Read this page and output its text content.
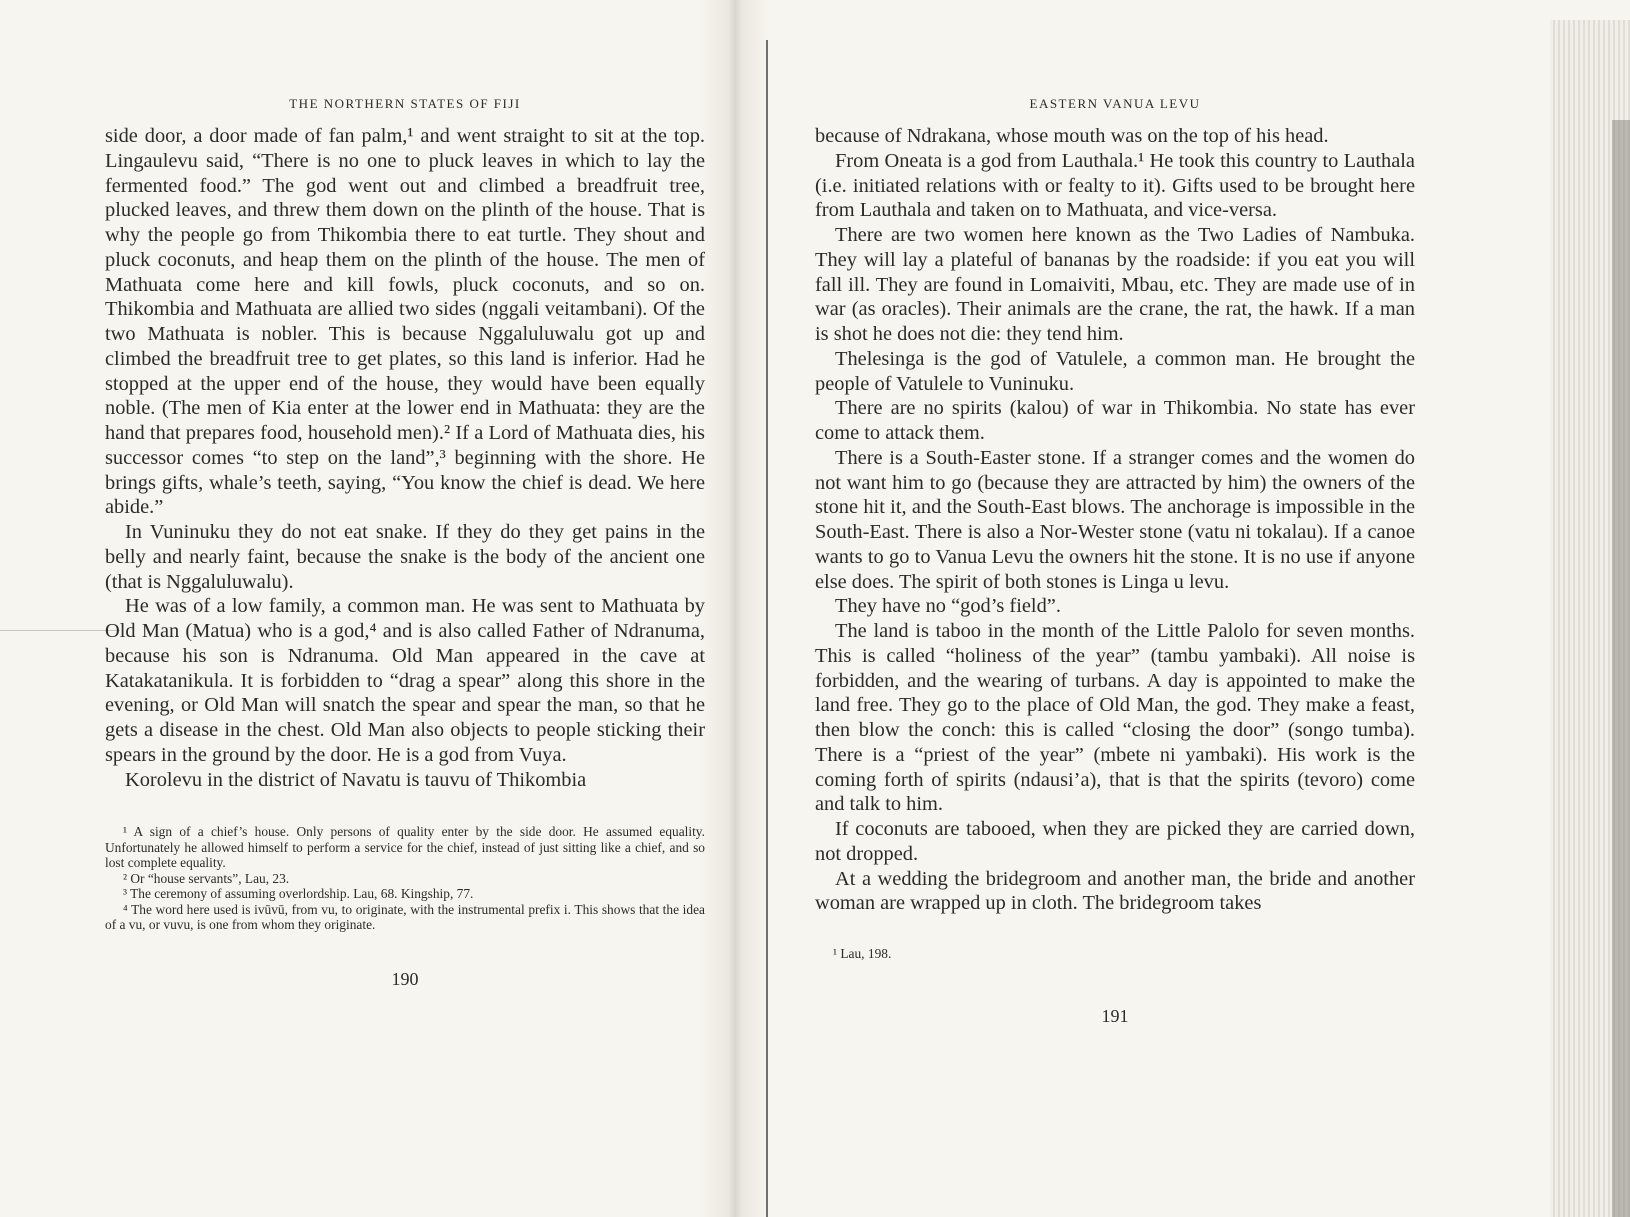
THE NORTHERN STATES OF FIJI

side door, a door made of fan palm,¹ and went straight to sit at the top. Lingaulevu said, “There is no one to pluck leaves in which to lay the fermented food.” The god went out and climbed a breadfruit tree, plucked leaves, and threw them down on the plinth of the house. That is why the people go from Thikombia there to eat turtle. They shout and pluck coconuts, and heap them on the plinth of the house. The men of Mathuata come here and kill fowls, pluck coconuts, and so on. Thikombia and Mathuata are allied two sides (nggali veitambani). Of the two Mathuata is nobler. This is because Nggaluluwalu got up and climbed the breadfruit tree to get plates, so this land is inferior. Had he stopped at the upper end of the house, they would have been equally noble. (The men of Kia enter at the lower end in Mathuata: they are the hand that prepares food, household men).² If a Lord of Mathuata dies, his successor comes “to step on the land”,³ beginning with the shore. He brings gifts, whale’s teeth, saying, “You know the chief is dead. We here abide.”

In Vuninuku they do not eat snake. If they do they get pains in the belly and nearly faint, because the snake is the body of the ancient one (that is Nggaluluwalu).

He was of a low family, a common man. He was sent to Mathuata by Old Man (Matua) who is a god,⁴ and is also called Father of Ndranuma, because his son is Ndranuma. Old Man appeared in the cave at Katakatanikula. It is forbidden to “drag a spear” along this shore in the evening, or Old Man will snatch the spear and spear the man, so that he gets a disease in the chest. Old Man also objects to people sticking their spears in the ground by the door. He is a god from Vuya.

Korolevu in the district of Navatu is tauvu of Thikombia

¹ A sign of a chief’s house. Only persons of quality enter by the side door. He assumed equality. Unfortunately he allowed himself to perform a service for the chief, instead of just sitting like a chief, and so lost complete equality.

² Or “house servants”, Lau, 23.

³ The ceremony of assuming overlordship. Lau, 68. Kingship, 77.

⁴ The word here used is ivūvū, from vu, to originate, with the instrumental prefix i. This shows that the idea of a vu, or vuvu, is one from whom they originate.

190
EASTERN VANUA LEVU

because of Ndrakana, whose mouth was on the top of his head.

From Oneata is a god from Lauthala.¹ He took this country to Lauthala (i.e. initiated relations with or fealty to it). Gifts used to be brought here from Lauthala and taken on to Mathuata, and vice-versa.

There are two women here known as the Two Ladies of Nambuka. They will lay a plateful of bananas by the roadside: if you eat you will fall ill. They are found in Lomaiviti, Mbau, etc. They are made use of in war (as oracles). Their animals are the crane, the rat, the hawk. If a man is shot he does not die: they tend him.

Thelesinga is the god of Vatulele, a common man. He brought the people of Vatulele to Vuninuku.

There are no spirits (kalou) of war in Thikombia. No state has ever come to attack them.

There is a South-Easter stone. If a stranger comes and the women do not want him to go (because they are attracted by him) the owners of the stone hit it, and the South-East blows. The anchorage is impossible in the South-East. There is also a Nor-Wester stone (vatu ni tokalau). If a canoe wants to go to Vanua Levu the owners hit the stone. It is no use if anyone else does. The spirit of both stones is Linga u levu.

They have no “god’s field”.

The land is taboo in the month of the Little Palolo for seven months. This is called “holiness of the year” (tambu yambaki). All noise is forbidden, and the wearing of turbans. A day is appointed to make the land free. They go to the place of Old Man, the god. They make a feast, then blow the conch: this is called “closing the door” (songo tumba). There is a “priest of the year” (mbete ni yambaki). His work is the coming forth of spirits (ndausi’a), that is that the spirits (tevoro) come and talk to him.

If coconuts are tabooed, when they are picked they are carried down, not dropped.

At a wedding the bridegroom and another man, the bride and another woman are wrapped up in cloth. The bridegroom takes

¹ Lau, 198.

191
